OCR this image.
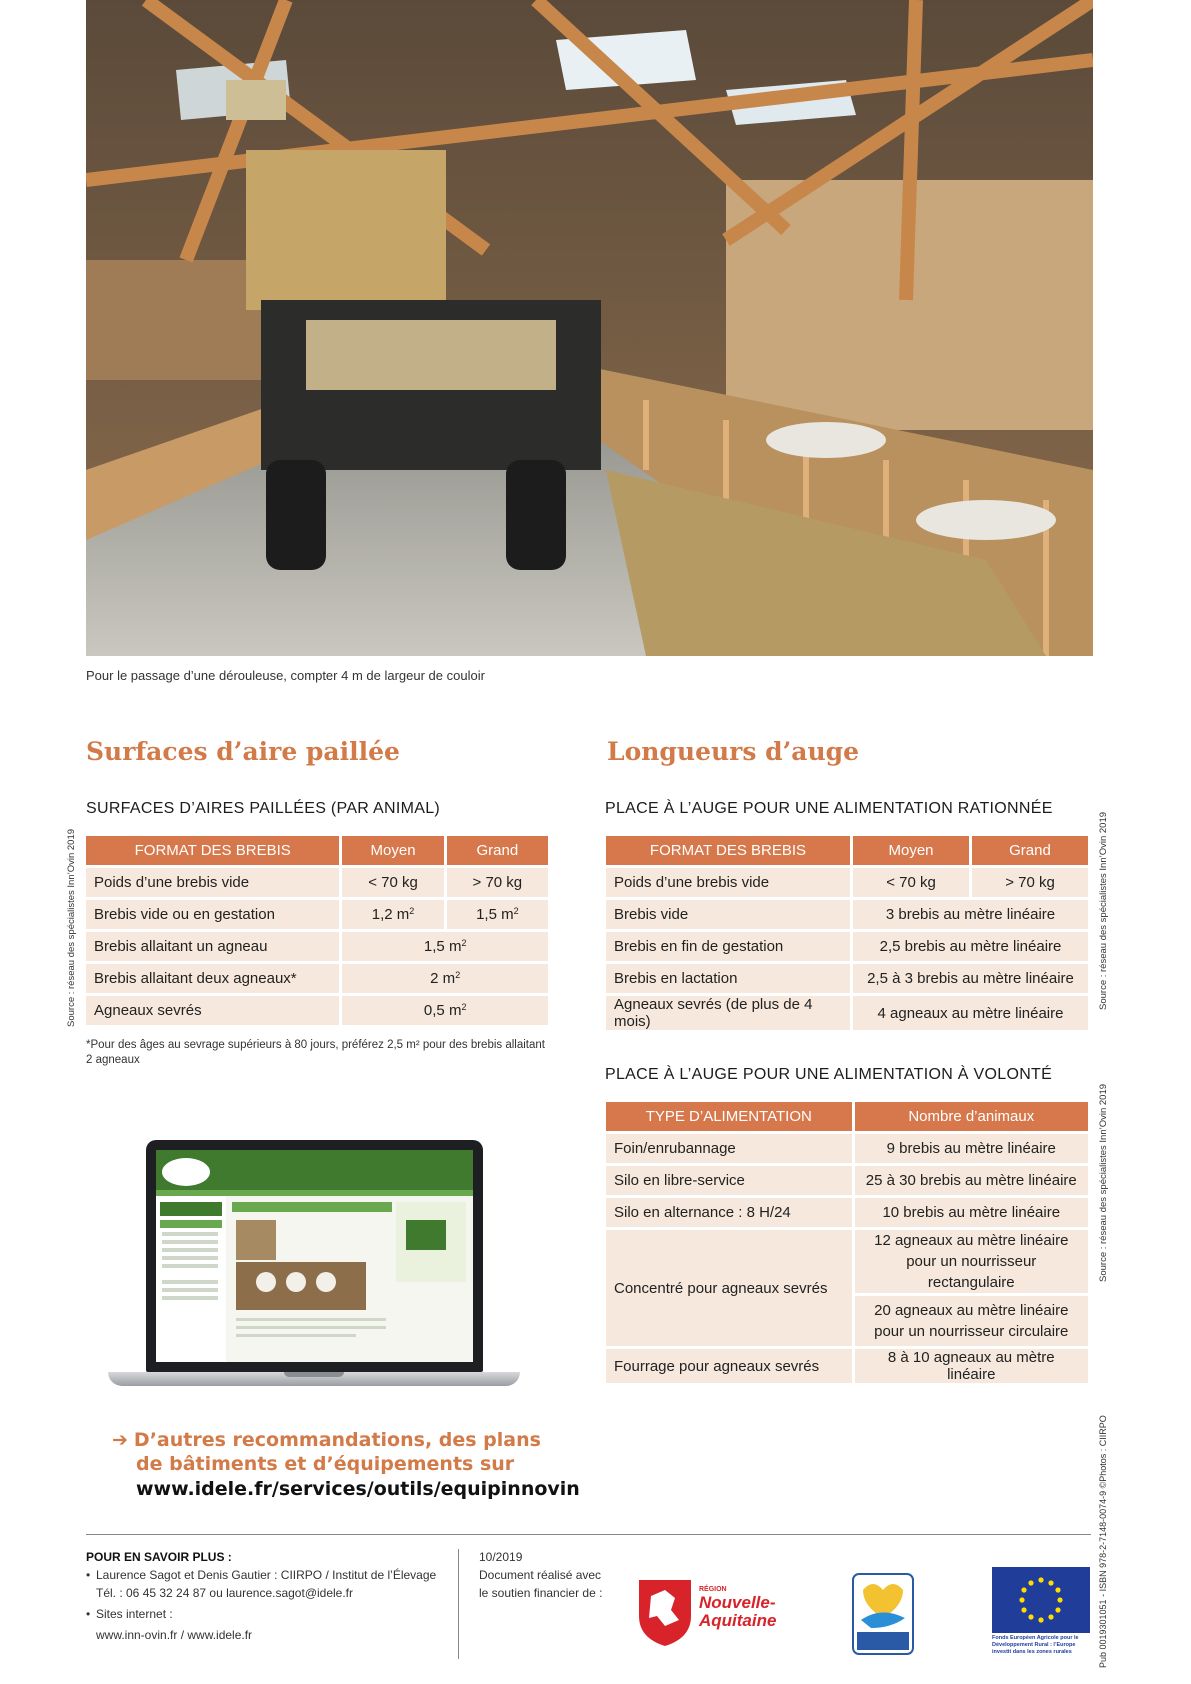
Pour le passage d’une dérouleuse, compter 4 m de largeur de couloir
Surfaces d’aire paillée
SURFACES D’AIRES PAILLÉES (PAR ANIMAL)
Source : réseau des spécialistes Inn’Ovin 2019	FORMAT DES BREBIS	Moyen	Grand
Poids d’une brebis vide	< 70 kg	> 70 kg
Brebis vide ou en gestation	1,2 $m^2$	1,5 $m^2$
Brebis allaitant un agneau	1,5 $m^2$
Brebis allaitant deux agneaux*	2 $m^2$
Agneaux sevrés	0,5 $m^2$
*Pour des âges au sevrage supérieurs à 80 jours, préférez 2,5 m² pour des brebis allaitant 2 agneaux
Longueurs d’auge
PLACE À L’AUGE POUR UNE ALIMENTATION RATIONNÉE
FORMAT DES BREBIS	Moyen	Grand
Poids d’une brebis vide	< 70 kg	> 70 kg
Brebis vide	3 brebis au mètre linéaire	
Brebis en fin de gestation	2,5 brebis au mètre linéaire	
Brebis en lactation	2,5 à 3 brebis au mètre linéaire	
Agneaux sevrés (de plus de 4 mois)	4 agneaux au mètre linéaire	
Source : réseau des spécialistes Inn’Ovin 2019
PLACE À L’AUGE POUR UNE ALIMENTATION À VOLONTÉ
TYPE D’ALIMENTATION	Nombre d’animaux
Foin/enrubannage	9 brebis au mètre linéaire
Silo en libre-service	25 à 30 brebis au mètre linéaire
Silo en alternance : 8 H/24	10 brebis au mètre linéaire
Concentré pour agneaux sevrés	12 agneaux au mètre linéaire
pour un nourrisseur rectangulaire
	20 agneaux au mètre linéaire
pour un nourrisseur circulaire
Fourrage pour agneaux sevrés	8 à 10 agneaux au mètre linéaire
Source : réseau des spécialistes Inn’Ovin 2019
➔ D’autres recommandations, des plans
de bâtiments et d’équipements sur
www.idele.fr/services/outils/equipinnovin
POUR EN SAVOIR PLUS :
• Laurence Sagot et Denis Gautier : CIIRPO / Institut de l’Élevage
Tél. : 06 45 32 24 87 ou laurence.sagot@idele.fr
• Sites internet :
www.inn-ovin.fr / www.idele.fr
10/2019
Document réalisé avec
le soutien financier de :	RÉGION
Nouvelle-
Aquitaine
Fonds Européen Agricole pour le Développement Rural : l’Europe investit dans les zones rurales	Pub 0019301051 - ISBN 978-2-7148-0074-9 ©Photos : CIIRPO
